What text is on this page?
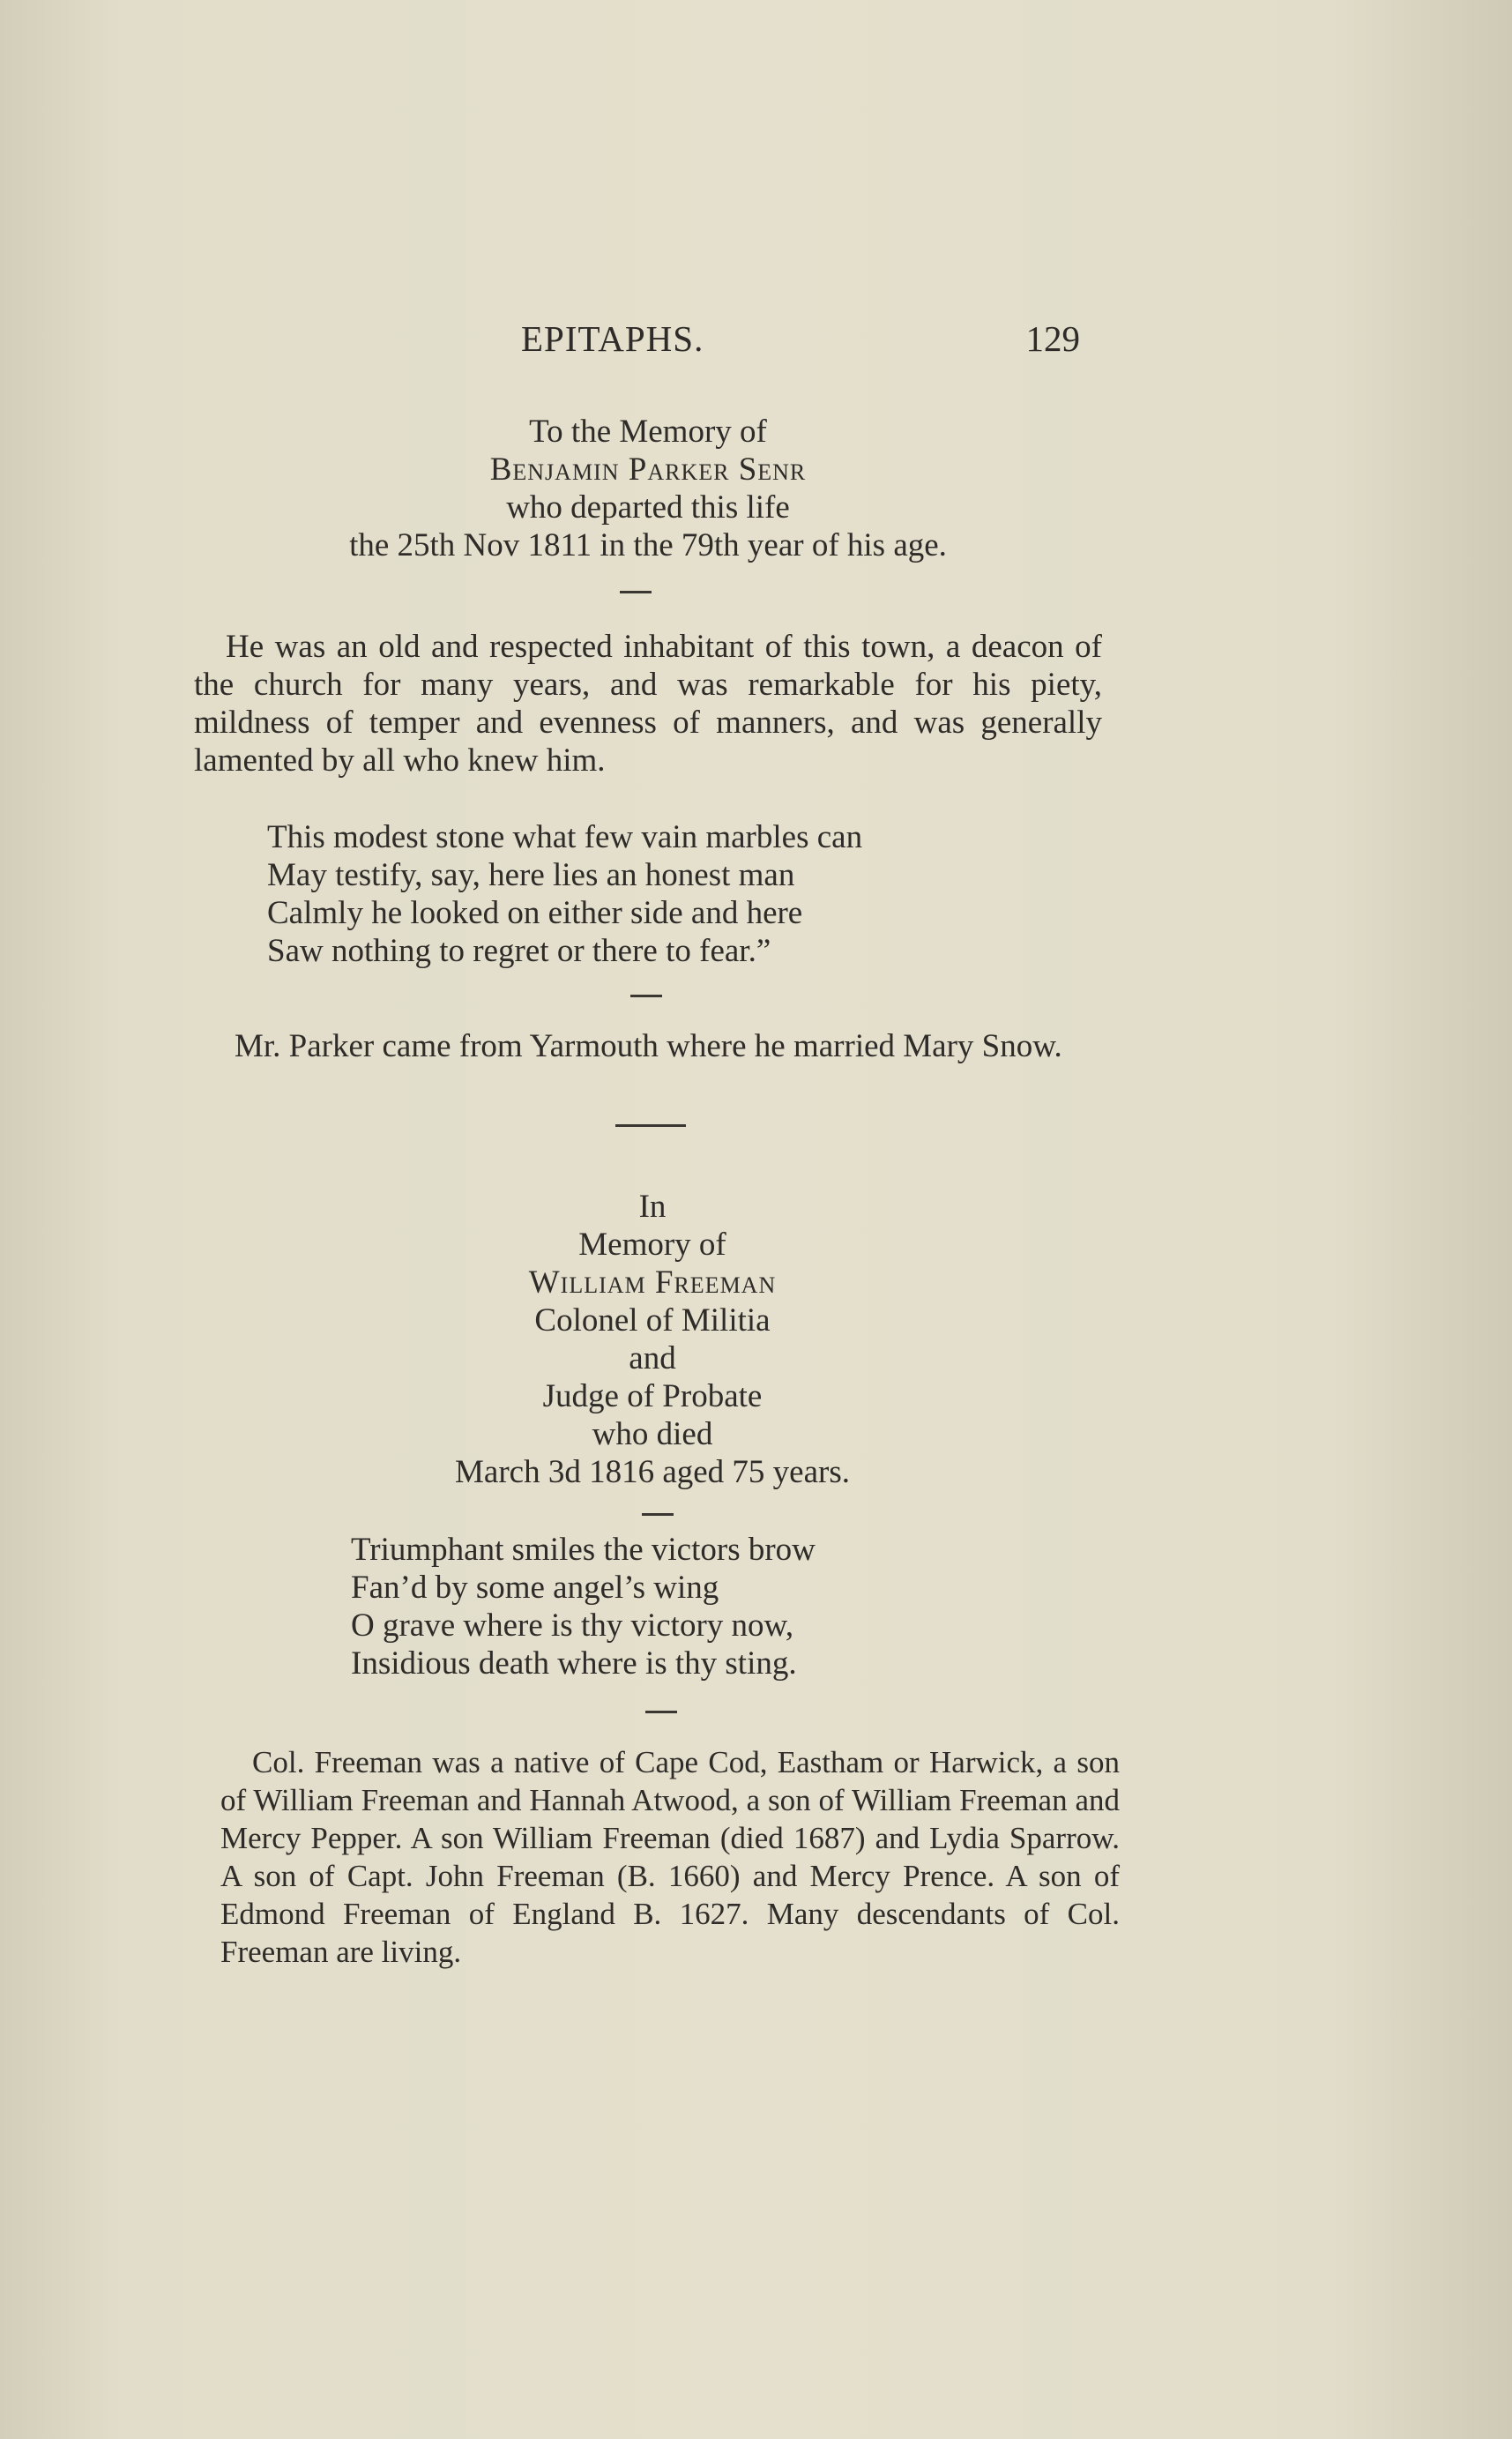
EPITAPHS.	129
To the Memory of
Benjamin Parker Senr
who departed this life
the 25th Nov 1811 in the 79th year of his age.
He was an old and respected inhabitant of this town, a deacon of the church for many years, and was remarkable for his piety, mildness of temper and evenness of manners, and was generally lamented by all who knew him.
This modest stone what few vain marbles can
May testify, say, here lies an honest man
Calmly he looked on either side and here
Saw nothing to regret or there to fear.”
Mr. Parker came from Yarmouth where he married Mary Snow.
In
Memory of
William Freeman
Colonel of Militia
and
Judge of Probate
who died
March 3d 1816 aged 75 years.
Triumphant smiles the victors brow
Fan’d by some angel’s wing
O grave where is thy victory now,
Insidious death where is thy sting.
Col. Freeman was a native of Cape Cod, Eastham or Harwick, a son of William Freeman and Hannah Atwood, a son of William Freeman and Mercy Pepper. A son William Freeman (died 1687) and Lydia Sparrow. A son of Capt. John Freeman (B. 1660) and Mercy Prence. A son of Edmond Freeman of England B. 1627. Many descendants of Col. Freeman are living.
